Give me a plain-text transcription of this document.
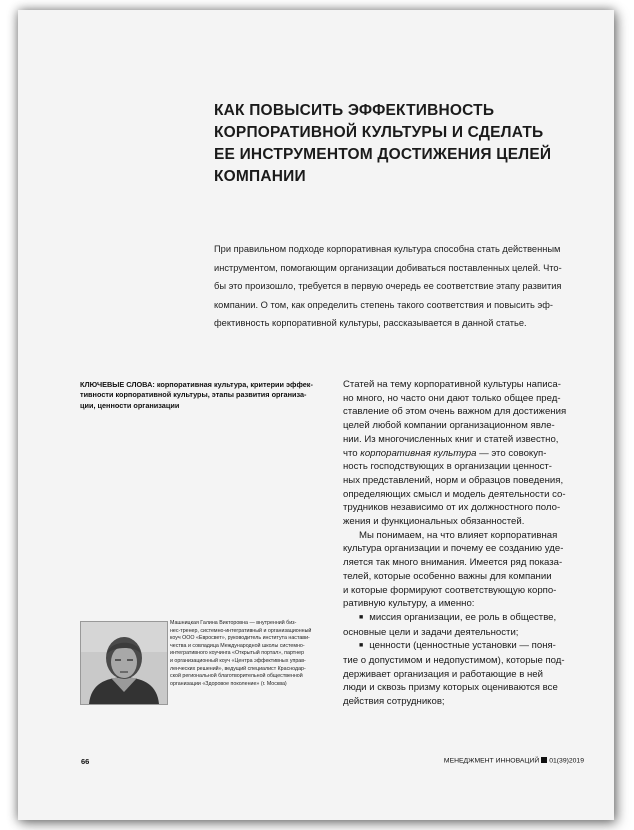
КАК ПОВЫСИТЬ ЭФФЕКТИВНОСТЬ
КОРПОРАТИВНОЙ КУЛЬТУРЫ И СДЕЛАТЬ
ЕЕ ИНСТРУМЕНТОМ ДОСТИЖЕНИЯ ЦЕЛЕЙ
КОМПАНИИ
При правильном подходе корпоративная культура способна стать действенным
инструментом, помогающим организации добиваться поставленных целей. Что-
бы это произошло, требуется в первую очередь ее соответствие этапу развития
компании. О том, как определить степень такого соответствия и повысить эф-
фективность корпоративной культуры, рассказывается в данной статье.
КЛЮЧЕВЫЕ СЛОВА: корпоративная культура, критерии эффек-
тивности корпоративной культуры, этапы развития организа-
ции, ценности организации
Статей на тему корпоративной культуры написа-
но много, но часто они дают только общее пред-
ставление об этом очень важном для достижения
целей любой компании организационном явле-
нии. Из многочисленных книг и статей известно,
что корпоративная культура — это совокуп-
ность господствующих в организации ценност-
ных представлений, норм и образцов поведения,
определяющих смысл и модель деятельности со-
трудников независимо от их должностного поло-
жения и функциональных обязанностей.
Мы понимаем, на что влияет корпоративная
культура организации и почему ее созданию уде-
ляется так много внимания. Имеется ряд показа-
телей, которые особенно важны для компании
и которые формируют соответствующую корпо-
ративную культуру, а именно:
■ миссия организации, ее роль в обществе,
основные цели и задачи деятельности;
■ ценности (ценностные установки — поня-
тие о допустимом и недопустимом), которые под-
держивает организация и работающие в ней
люди и сквозь призму которых оцениваются все
действия сотрудников;
Машницкая Галина Викторовна — внутренний биз-
нес-тренер, системно-интегративный и организационный
коуч ООО «Евросвет», руководитель института настави-
чества и совладица Международной школы системно-
интегративного коучинга «Открытый портал», партнер
и организационный коуч «Центра эффективных управ-
ленческих решений», ведущий специалист Краснодар-
ской региональной благотворительной общественной
организации «Здоровое поколение» (г. Москва)
66	МЕНЕДЖМЕНТ ИННОВАЦИЙ 01(39)2019
